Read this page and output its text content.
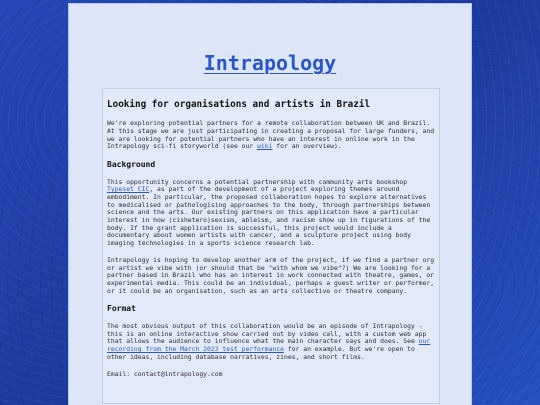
Intrapology
Looking for organisations and artists in Brazil

We're exploring potential partners for a remote collaboration between UK and Brazil. At this stage we are just participating in creating a proposal for large funders, and we are looking for potential partners who have an interest in online work in the Intrapology sci-fi storyworld (see our wiki for an overview).

Background

This opportunity concerns a potential partnership with community arts bookshop Typeset CIC, as part of the development of a project exploring themes around embodiment. In particular, the proposed collaboration hopes to explore alternatives to medicalised or pathologising approaches to the body, through partnerships between science and the arts. Our existing partners on this application have a particular interest in how (cishetero)sexism, ableism, and racism show up in figurations of the body. If the grant application is successful, this project would include a documentary about women artists with cancer, and a sculpture project using body imaging technologies in a sports science research lab.

Intrapology is hoping to develop another arm of the project, if we find a partner org or artist we vibe with (or should that be "with whom we vibe"?) We are looking for a partner based in Brazil who has an interest in work connected with theatre, games, or experimental media. This could be an individual, perhaps a guest writer or performer, or it could be an organisation, such as an arts collective or theatre company.

Format

The most obvious output of this collaboration would be an episode of Intrapology - this is an online interactive show carried out by video call, with a custom web app that allows the audience to influence what the main character says and does. See our recording from the March 2023 test performance for an example. But we're open to other ideas, including database narratives, zines, and short films.

Email: contact@intrapology.com
